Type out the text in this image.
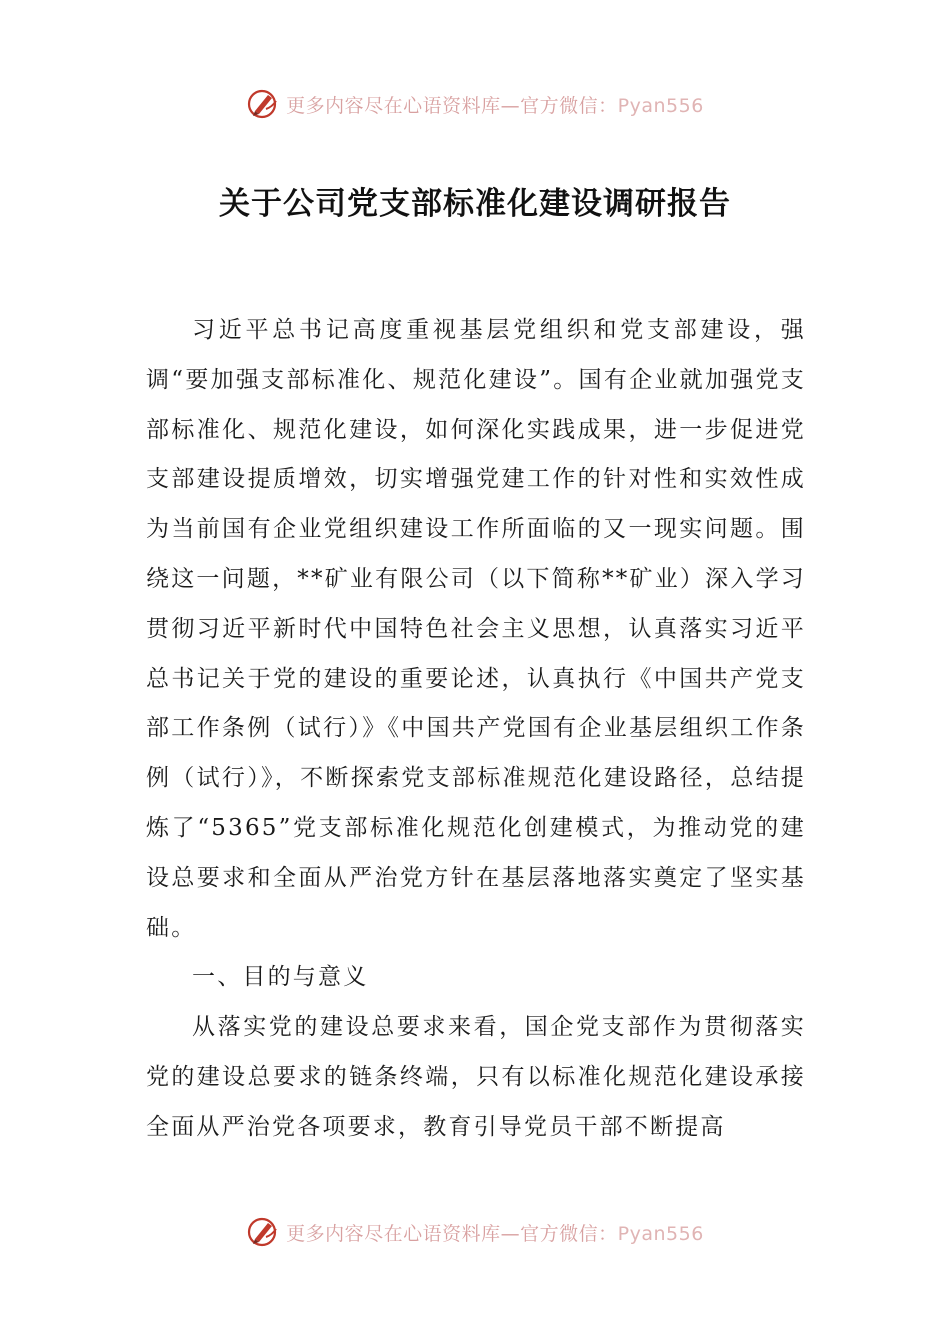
更多内容尽在心语资料库—官方微信：Pyan556
关于公司党支部标准化建设调研报告

习近平总书记高度重视基层党组织和党支部建设，强调“要加强支部标准化、规范化建设”。国有企业就加强党支部标准化、规范化建设，如何深化实践成果，进一步促进党支部建设提质增效，切实增强党建工作的针对性和实效性成为当前国有企业党组织建设工作所面临的又一现实问题。围绕这一问题，**矿业有限公司（以下简称**矿业）深入学习贯彻习近平新时代中国特色社会主义思想，认真落实习近平总书记关于党的建设的重要论述，认真执行《中国共产党支部工作条例（试行）》《中国共产党国有企业基层组织工作条例（试行）》，不断探索党支部标准规范化建设路径，总结提炼了“5365”党支部标准化规范化创建模式，为推动党的建设总要求和全面从严治党方针在基层落地落实奠定了坚实基础。

一、目的与意义

从落实党的建设总要求来看，国企党支部作为贯彻落实党的建设总要求的链条终端，只有以标准化规范化建设承接全面从严治党各项要求，教育引导党员干部不断提高

更多内容尽在心语资料库—官方微信：Pyan556
